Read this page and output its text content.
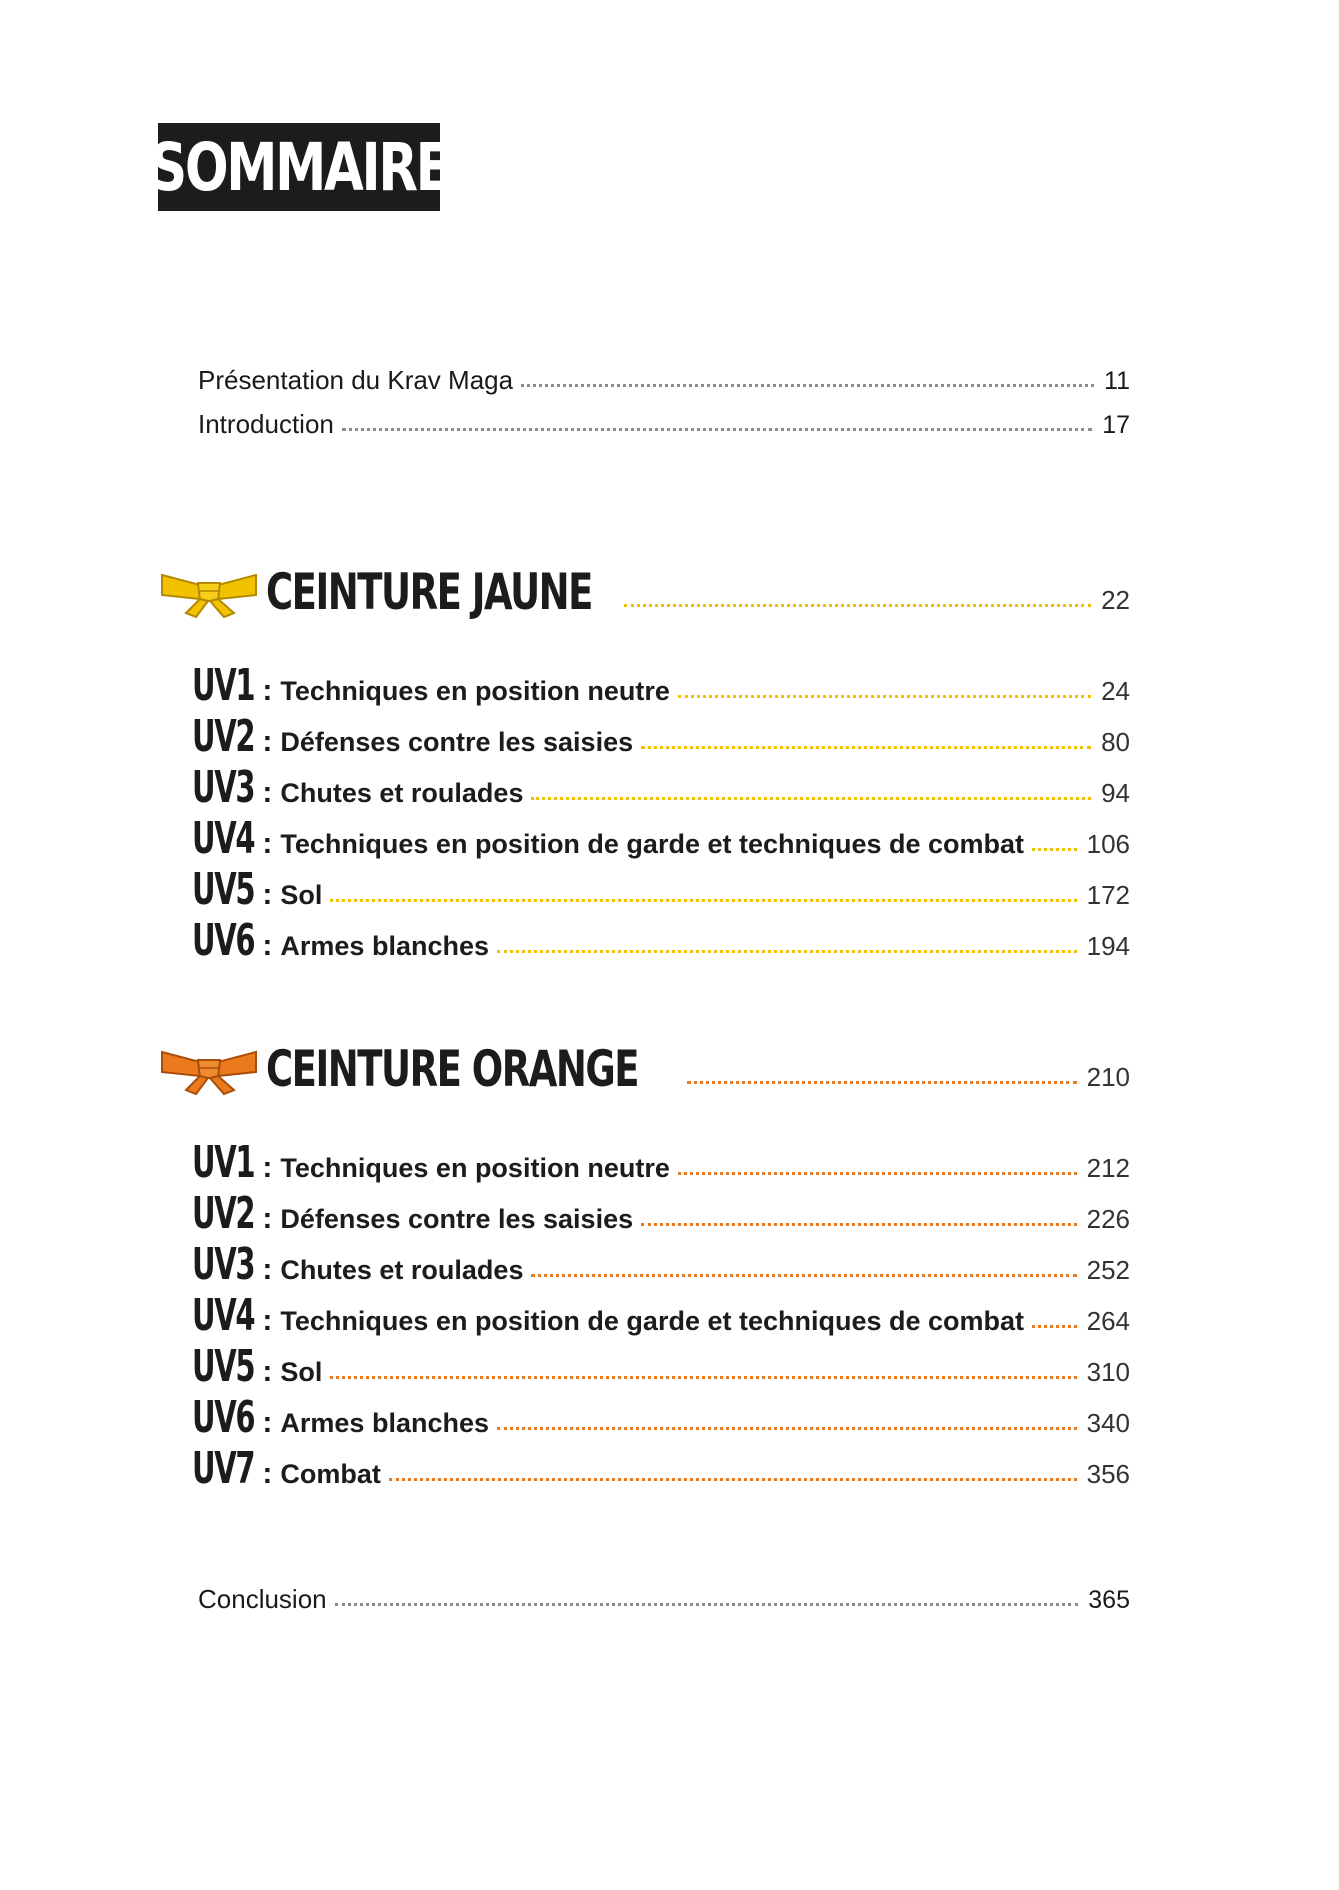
SOMMAIRE
Présentation du Krav Maga	11
Introduction	17
CEINTURE JAUNE	22
UV1 : Techniques en position neutre	24
UV2 : Défenses contre les saisies	80
UV3 : Chutes et roulades	94
UV4 : Techniques en position de garde et techniques de combat 106
UV5 : Sol	172
UV6 : Armes blanches	194
CEINTURE ORANGE	210
UV1 : Techniques en position neutre	212
UV2 : Défenses contre les saisies	226
UV3 : Chutes et roulades	252
UV4 : Techniques en position de garde et techniques de combat 264
UV5 : Sol	310
UV6 : Armes blanches	340
UV7 : Combat	356
Conclusion	365
